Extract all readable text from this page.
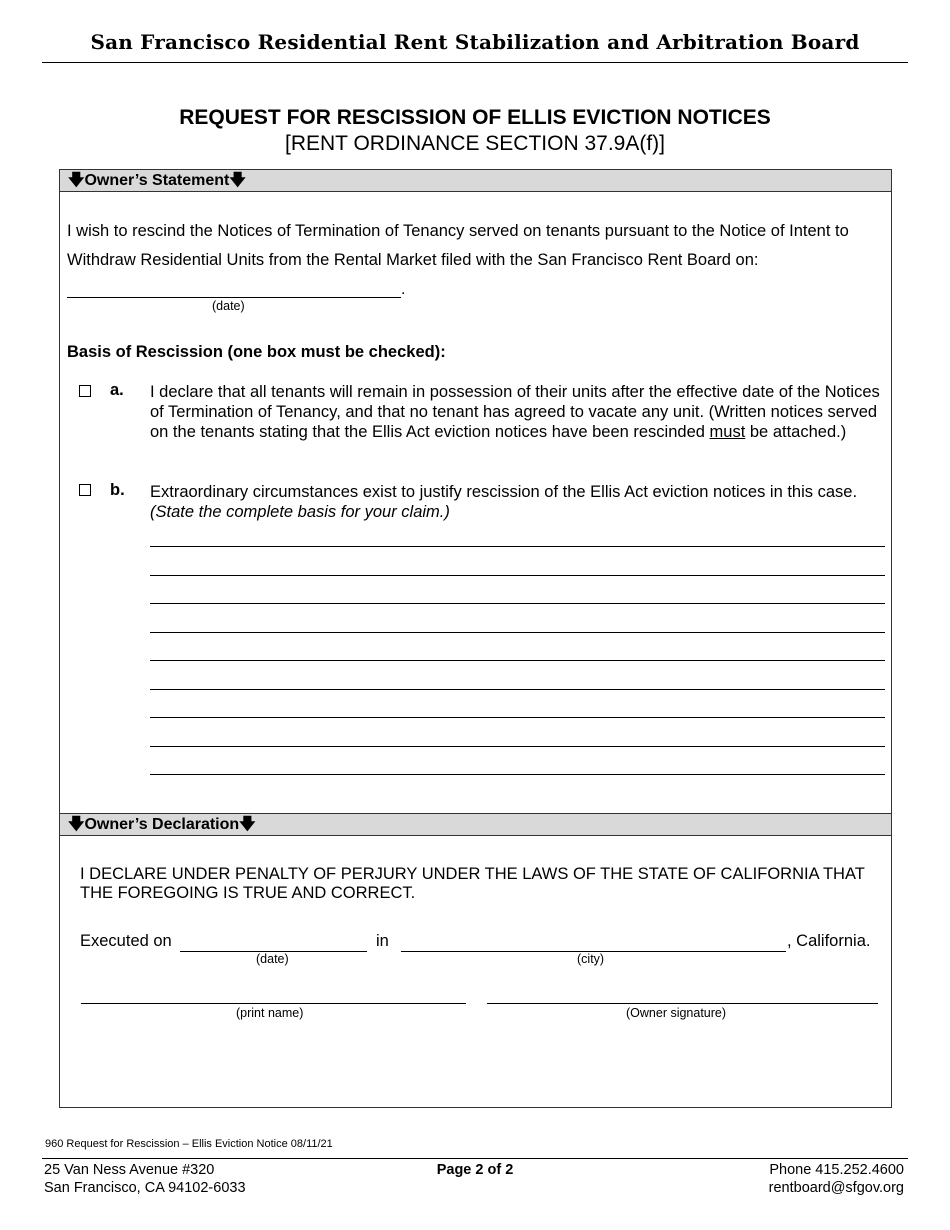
San Francisco Residential Rent Stabilization and Arbitration Board
REQUEST FOR RESCISSION OF ELLIS EVICTION NOTICES
[RENT ORDINANCE SECTION 37.9A(f)]
🡇Owner’s Statement🡇
I wish to rescind the Notices of Termination of Tenancy served on tenants pursuant to the Notice of Intent to Withdraw Residential Units from the Rental Market filed with the San Francisco Rent Board on:
.
(date)
Basis of Rescission (one box must be checked):
a. I declare that all tenants will remain in possession of their units after the effective date of the Notices of Termination of Tenancy, and that no tenant has agreed to vacate any unit. (Written notices served on the tenants stating that the Ellis Act eviction notices have been rescinded must be attached.)
b. Extraordinary circumstances exist to justify rescission of the Ellis Act eviction notices in this case. (State the complete basis for your claim.)
🡇Owner’s Declaration🡇
I DECLARE UNDER PENALTY OF PERJURY UNDER THE LAWS OF THE STATE OF CALIFORNIA THAT THE FOREGOING IS TRUE AND CORRECT.
Executed on
(date)
in
(city)
, California.
(print name)	(Owner signature)
960 Request for Rescission – Ellis Eviction Notice 08/11/21
25 Van Ness Avenue #320
San Francisco, CA 94102-6033
Page 2 of 2	Phone 415.252.4600
rentboard@sfgov.org
